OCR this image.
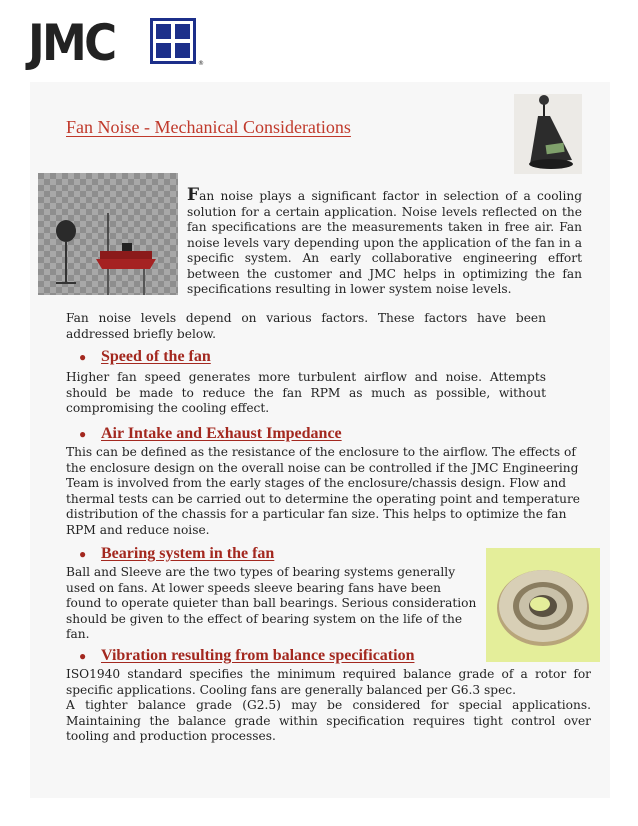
JMC	®
Fan Noise - Mechanical Considerations

Fan noise plays a significant factor in selection of a cooling solution for a certain application. Noise levels reflected on the fan specifications are the measurements taken in free air. Fan noise levels vary depending upon the application of the fan in a specific system. An early collaborative engineering effort between the customer and JMC helps in optimizing the fan specifications resulting in lower system noise levels.

Fan noise levels depend on various factors. These factors have been addressed briefly below.

● Speed of the fan

Higher fan speed generates more turbulent airflow and noise. Attempts should be made to reduce the fan RPM as much as possible, without compromising the cooling effect.

● Air Intake and Exhaust Impedance

This can be defined as the resistance of the enclosure to the airflow. The effects of the enclosure design on the overall noise can be controlled if the JMC Engineering Team is involved from the early stages of the enclosure/chassis design. Flow and thermal tests can be carried out to determine the operating point and temperature distribution of the chassis for a particular fan size. This helps to optimize the fan RPM and reduce noise.

● Bearing system in the fan

Ball and Sleeve are the two types of bearing systems generally used on fans. At lower speeds sleeve bearing fans have been found to operate quieter than ball bearings. Serious consideration should be given to the effect of bearing system on the life of the fan.

● Vibration resulting from balance specification

ISO1940 standard specifies the minimum required balance grade of a rotor for specific applications. Cooling fans are generally balanced per G6.3 spec.
A tighter balance grade (G2.5) may be considered for special applications. Maintaining the balance grade within specification requires tight control over tooling and production processes.
